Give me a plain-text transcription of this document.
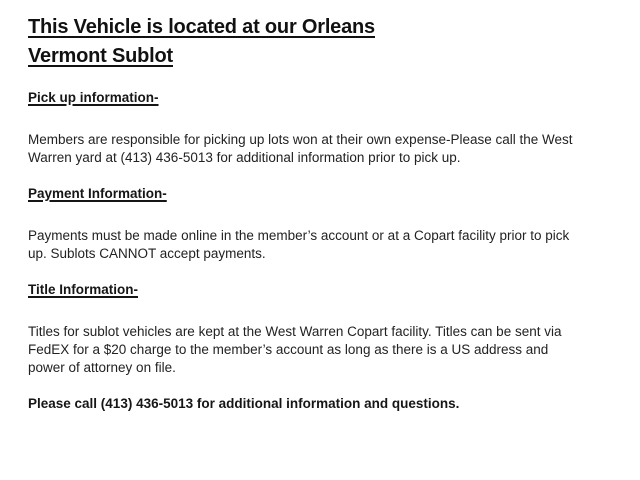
This Vehicle is located at our Orleans
Vermont Sublot
Pick up information-

Members are responsible for picking up lots won at their own expense-Please call the West Warren yard at (413) 436-5013 for additional information prior to pick up.

Payment Information-

Payments must be made online in the member’s account or at a Copart facility prior to pick up. Sublots CANNOT accept payments.

Title Information-

Titles for sublot vehicles are kept at the West Warren Copart facility. Titles can be sent via FedEX for a $20 charge to the member’s account as long as there is a US address and power of attorney on file.

Please call (413) 436-5013 for additional information and questions.
